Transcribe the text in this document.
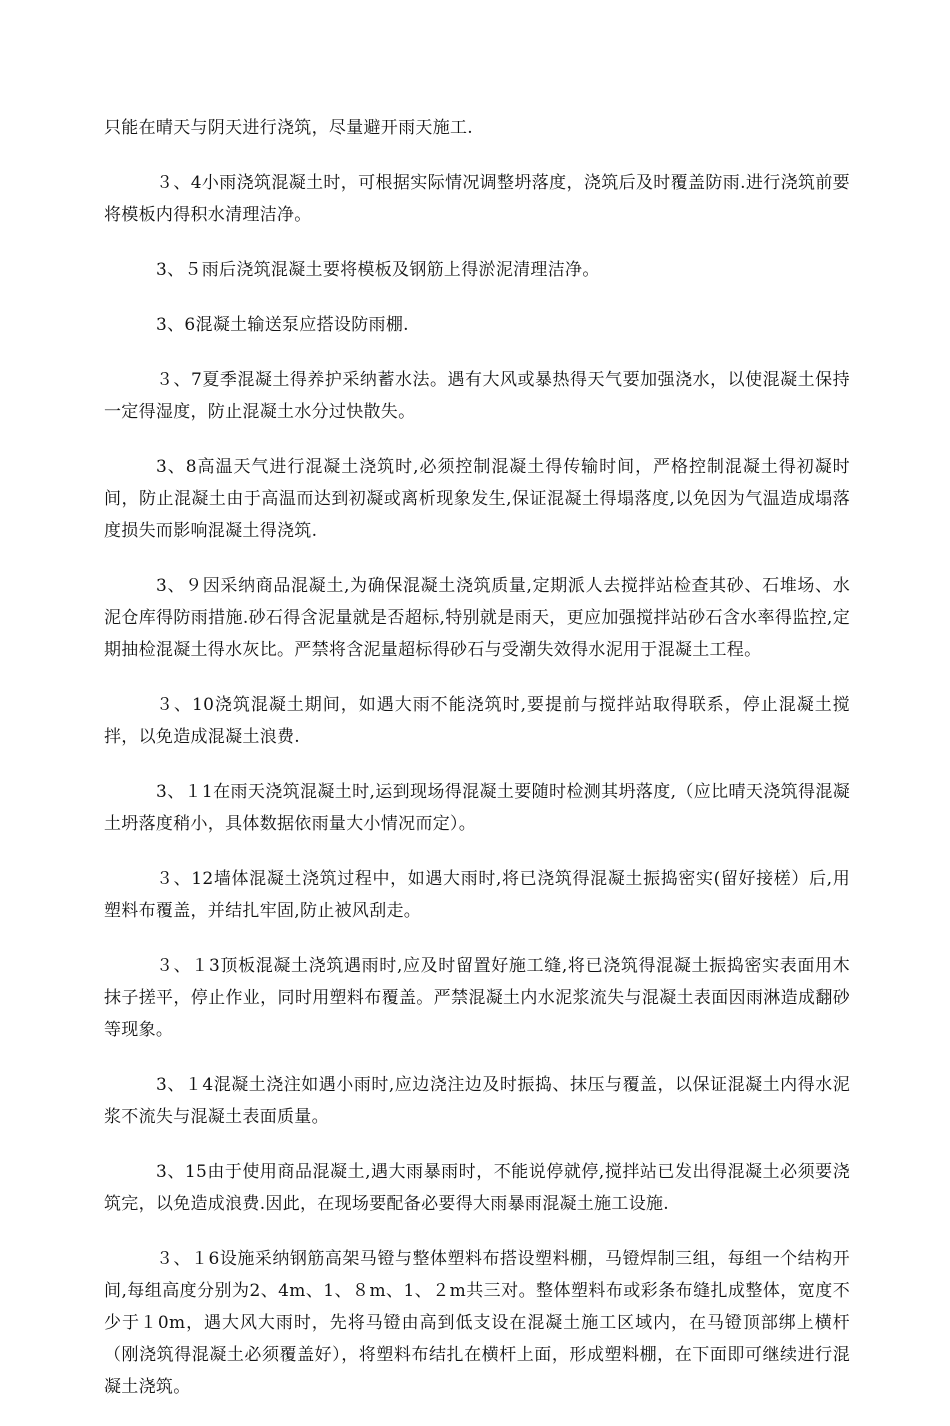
只能在晴天与阴天进行浇筑，尽量避开雨天施工.

３、4小雨浇筑混凝土时，可根据实际情况调整坍落度，浇筑后及时覆盖防雨.进行浇筑前要将模板内得积水清理洁净。

3、５雨后浇筑混凝土要将模板及钢筋上得淤泥清理洁净。

3、6混凝土输送泵应搭设防雨棚.

３、7夏季混凝土得养护采纳蓄水法。遇有大风或暴热得天气要加强浇水，以使混凝土保持一定得湿度，防止混凝土水分过快散失。

3、8高温天气进行混凝土浇筑时,必须控制混凝土得传输时间，严格控制混凝土得初凝时间，防止混凝土由于高温而达到初凝或离析现象发生,保证混凝土得塌落度,以免因为气温造成塌落度损失而影响混凝土得浇筑.

3、９因采纳商品混凝土,为确保混凝土浇筑质量,定期派人去搅拌站检查其砂、石堆场、水泥仓库得防雨措施.砂石得含泥量就是否超标,特别就是雨天，更应加强搅拌站砂石含水率得监控,定期抽检混凝土得水灰比。严禁将含泥量超标得砂石与受潮失效得水泥用于混凝土工程。

３、10浇筑混凝土期间，如遇大雨不能浇筑时,要提前与搅拌站取得联系，停止混凝土搅拌，以免造成混凝土浪费.

3、１1在雨天浇筑混凝土时,运到现场得混凝土要随时检测其坍落度,（应比晴天浇筑得混凝土坍落度稍小，具体数据依雨量大小情况而定）。

３、12墙体混凝土浇筑过程中，如遇大雨时,将已浇筑得混凝土振捣密实(留好接槎）后,用塑料布覆盖，并结扎牢固,防止被风刮走。

３、１3顶板混凝土浇筑遇雨时,应及时留置好施工缝,将已浇筑得混凝土振捣密实表面用木抹子搓平，停止作业，同时用塑料布覆盖。严禁混凝土内水泥浆流失与混凝土表面因雨淋造成翻砂等现象。

3、１4混凝土浇注如遇小雨时,应边浇注边及时振捣、抹压与覆盖，以保证混凝土内得水泥浆不流失与混凝土表面质量。

3、15由于使用商品混凝土,遇大雨暴雨时，不能说停就停,搅拌站已发出得混凝土必须要浇筑完，以免造成浪费.因此，在现场要配备必要得大雨暴雨混凝土施工设施.

３、１6设施采纳钢筋高架马镫与整体塑料布搭设塑料棚，马镫焊制三组，每组一个结构开间,每组高度分别为2、4m、1、８m、1、２m共三对。整体塑料布或彩条布缝扎成整体，宽度不少于１0m，遇大风大雨时，先将马镫由高到低支设在混凝土施工区域内，在马镫顶部绑上横杆（刚浇筑得混凝土必须覆盖好），将塑料布结扎在横杆上面，形成塑料棚，在下面即可继续进行混凝土浇筑。
